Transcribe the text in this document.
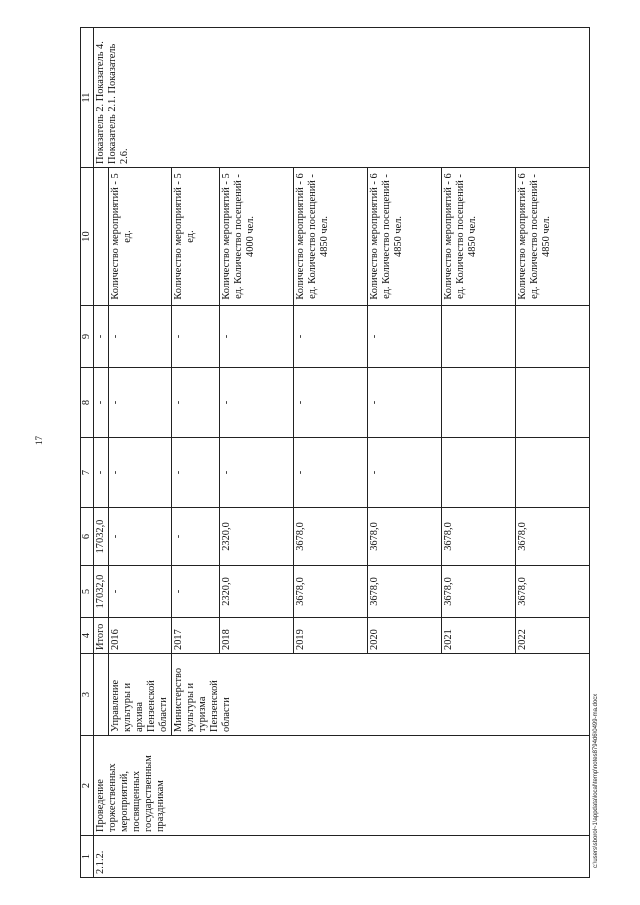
17
1	2	3	4	5	6	7	8	9	10	11
2.1.2.	Проведение торжественных мероприятий, посвященных государственным праздникам		Итого	17032,0	17032,0	-	-	-		Показатель 2. Показатель 4. Показатель 2.1. Показатель 2.6.
		Управление культуры и архива Пензенской области	2016	-	-	-	-	-	Количество мероприятий - 5 ед.	
		Министерство культуры и туризма Пензенской области	2017	-	-	-	-	-	Количество мероприятий - 5 ед.	
			2018	2320,0	2320,0	-	-	-	Количество мероприятий - 5 ед. Количество посещений - 4000 чел.	
			2019	3678,0	3678,0	-	-	-	Количество мероприятий - 6 ед. Количество посещений - 4850 чел.	
			2020	3678,0	3678,0	-	-	-	Количество мероприятий - 6 ед. Количество посещений - 4850 чел.	
			2021	3678,0	3678,0				Количество мероприятий - 6 ед. Количество посещений - 4850 чел.	
			2022	3678,0	3678,0				Количество мероприятий - 6 ед. Количество посещений - 4850 чел.	
c:\users\sborol~1\appdata\local\temp\notes8794d6\0499-ma.docx
